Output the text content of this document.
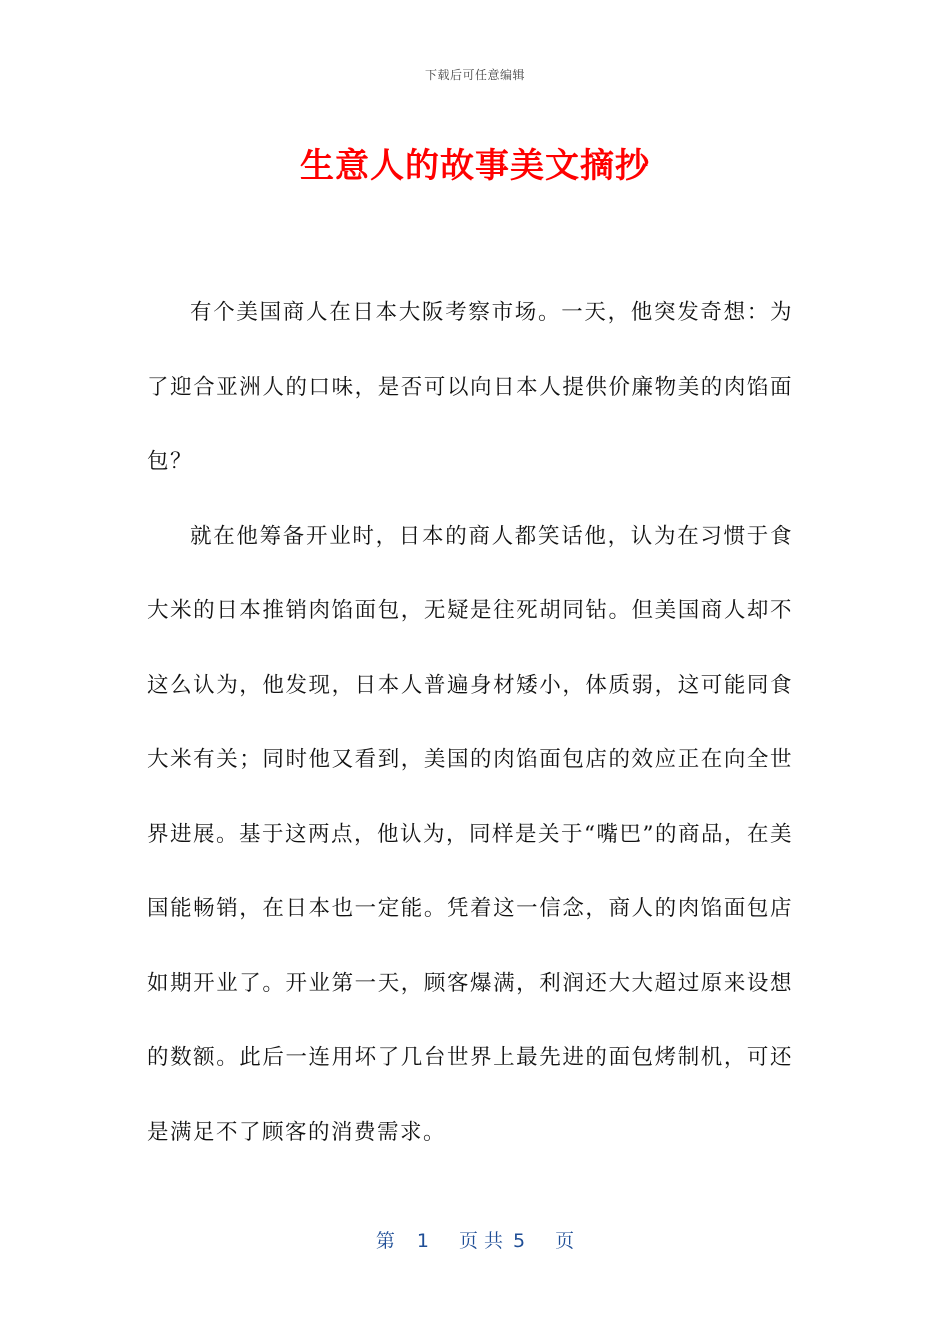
下载后可任意编辑
生意人的故事美文摘抄

有个美国商人在日本大阪考察市场。一天，他突发奇想：为了迎合亚洲人的口味，是否可以向日本人提供价廉物美的肉馅面包？

就在他筹备开业时，日本的商人都笑话他，认为在习惯于食大米的日本推销肉馅面包，无疑是往死胡同钻。但美国商人却不这么认为，他发现，日本人普遍身材矮小，体质弱，这可能同食大米有关；同时他又看到，美国的肉馅面包店的效应正在向全世界进展。基于这两点，他认为，同样是关于“嘴巴”的商品，在美国能畅销，在日本也一定能。凭着这一信念，商人的肉馅面包店如期开业了。开业第一天，顾客爆满，利润还大大超过原来设想的数额。此后一连用坏了几台世界上最先进的面包烤制机，可还是满足不了顾客的消费需求。

第 1 页 共 5 页
